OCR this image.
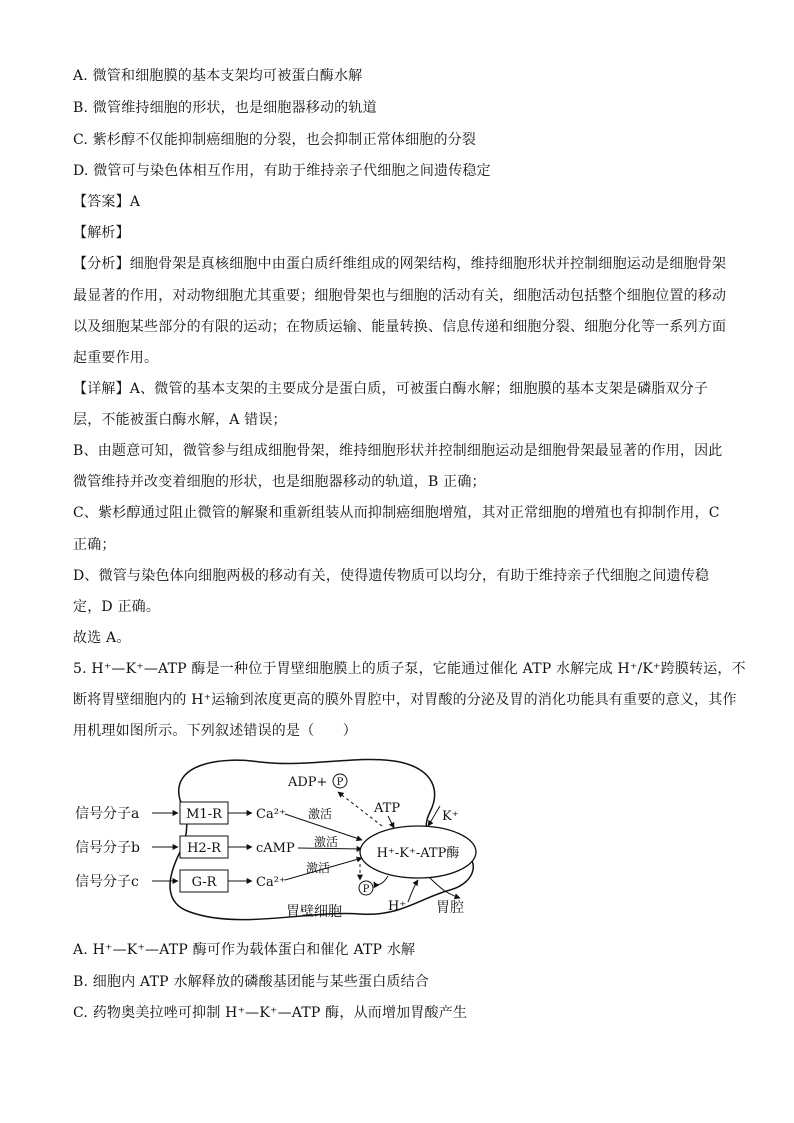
A. 微管和细胞膜的基本支架均可被蛋白酶水解
B. 微管维持细胞的形状，也是细胞器移动的轨道
C. 紫杉醇不仅能抑制癌细胞的分裂，也会抑制正常体细胞的分裂
D. 微管可与染色体相互作用，有助于维持亲子代细胞之间遗传稳定
【答案】A
【解析】
【分析】细胞骨架是真核细胞中由蛋白质纤维组成的网架结构，维持细胞形状并控制细胞运动是细胞骨架
最显著的作用，对动物细胞尤其重要；细胞骨架也与细胞的活动有关，细胞活动包括整个细胞位置的移动
以及细胞某些部分的有限的运动；在物质运输、能量转换、信息传递和细胞分裂、细胞分化等一系列方面
起重要作用。
【详解】A、微管的基本支架的主要成分是蛋白质，可被蛋白酶水解；细胞膜的基本支架是磷脂双分子
层，不能被蛋白酶水解，A 错误；
B、由题意可知，微管参与组成细胞骨架，维持细胞形状并控制细胞运动是细胞骨架最显著的作用，因此
微管维持并改变着细胞的形状，也是细胞器移动的轨道，B 正确；
C、紫杉醇通过阻止微管的解聚和重新组装从而抑制癌细胞增殖，其对正常细胞的增殖也有抑制作用，C
正确；
D、微管与染色体向细胞两极的移动有关，使得遗传物质可以均分，有助于维持亲子代细胞之间遗传稳
定，D 正确。
故选 A。
5. H⁺—K⁺—ATP 酶是一种位于胃壁细胞膜上的质子泵，它能通过催化 ATP 水解完成 H⁺/K⁺跨膜转运，不
断将胃壁细胞内的 H⁺运输到浓度更高的膜外胃腔中，对胃酸的分泌及胃的消化功能具有重要的意义，其作
用机理如图所示。下列叙述错误的是（　　）
信号分子a
信号分子b
信号分子c
M1-R
H2-R
G-R
Ca²⁺
cAMP
Ca²⁺
激活
激活
激活
H⁺-K⁺-ATP酶
ADP+ P
ATP
K⁺
P
H⁺
胃壁细胞	胃腔
A. H⁺—K⁺—ATP 酶可作为载体蛋白和催化 ATP 水解
B. 细胞内 ATP 水解释放的磷酸基团能与某些蛋白质结合
C. 药物奥美拉唑可抑制 H⁺—K⁺—ATP 酶，从而增加胃酸产生
